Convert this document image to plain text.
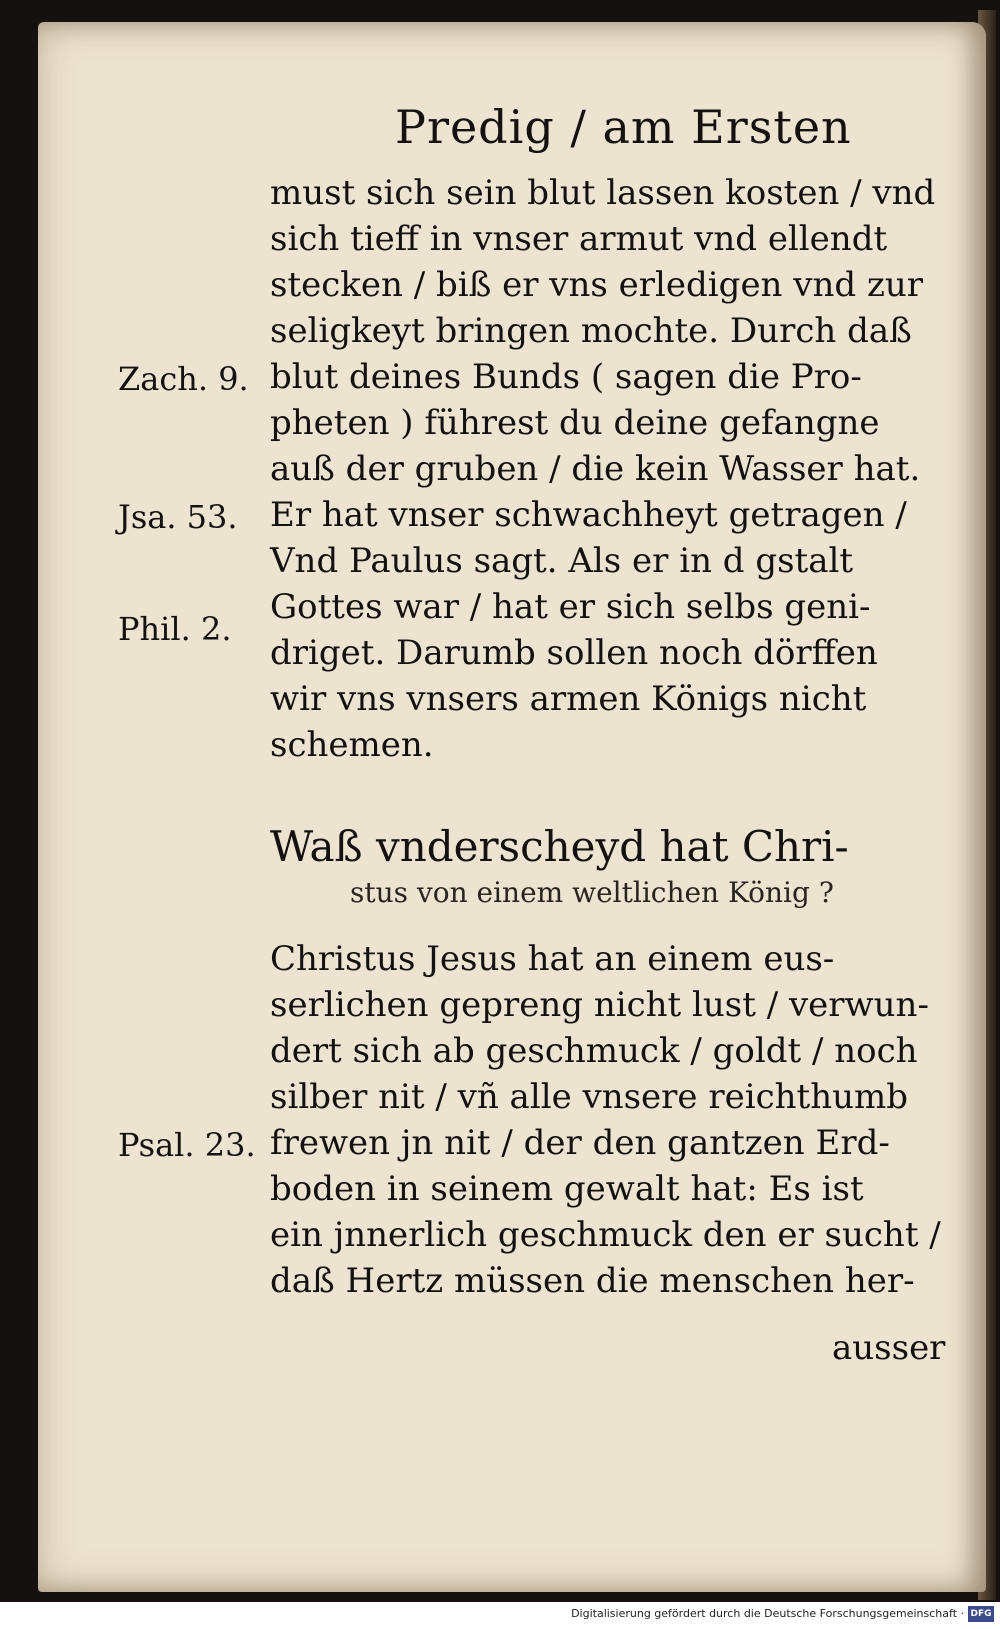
Predig / am Ersten
must sich sein blut lassen kosten / vnd
sich tieff in vnser armut vnd ellendt
stecken / biß er vns erledigen vnd zur
seligkeyt bringen mochte. Durch daß
blut deines Bunds ( sagen die Pro-
pheten ) führest du deine gefangne
auß der gruben / die kein Wasser hat.
Er hat vnser schwachheyt getragen /
Vnd Paulus sagt. Als er in d gstalt
Gottes war / hat er sich selbs geni-
driget. Darumb sollen noch dörffen
wir vns vnsers armen Königs nicht
schemen.
Zach. 9.
Jsa. 53.
Phil. 2.
Psal. 23.
Waß vnderscheyd hat Chri-
stus von einem weltlichen König ?
Christus Jesus hat an einem eus-
serlichen gepreng nicht lust / verwun-
dert sich ab geschmuck / goldt / noch
silber nit / vñ alle vnsere reichthumb
frewen jn nit / der den gantzen Erd-
boden in seinem gewalt hat: Es ist
ein jnnerlich geschmuck den er sucht /
daß Hertz müssen die menschen her-
ausser
Digitalisierung gefördert durch die Deutsche Forschungsgemeinschaft · DFG
